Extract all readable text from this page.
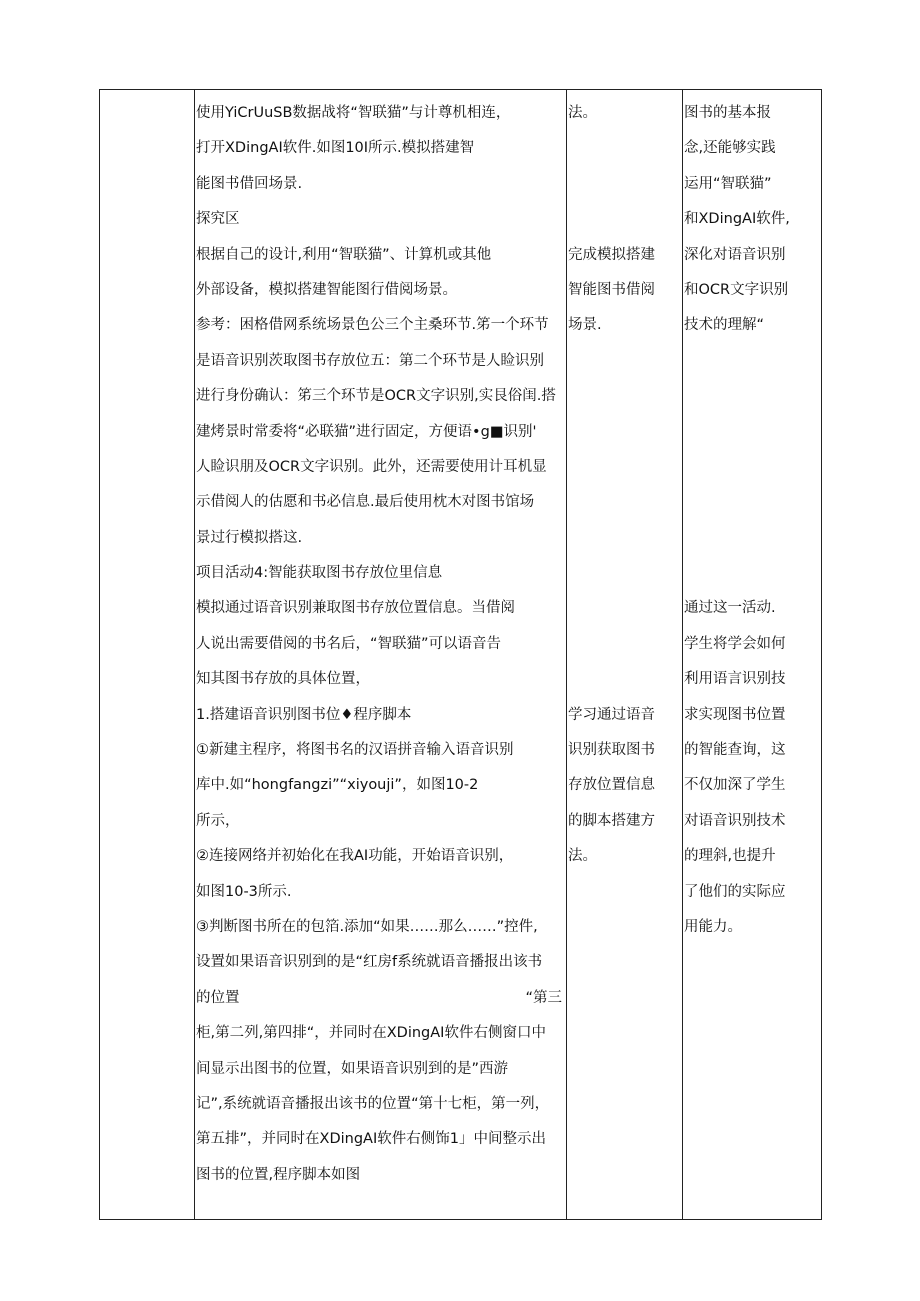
使用YiCrUuSB数据战将“智联猫”与计尊机相连，
打开XDingAI软件.如图10I所示.模拟搭建智
能图书借回场景.
探究区
根据自己的设计,利用“智联猫”、计算机或其他
外部设备，模拟搭建智能图行借阅场景。
参考：困格借网系统场景色公三个主桑环节.笫一个环节
是语音识别茨取图书存放位五：第二个环节是人睑识别
进行身份确认：笫三个环节是OCR文字识别,实艮俗闺.搭
建烤景时常委将“必联猫”进行固定，方便语•g■识别'
人睑识朋及OCR文字识别。此外，还需要使用计耳机显
示借阅人的估愿和书必信息.最后使用枕木对图书馆场
景过行模拟搭这.
项目活动4:智能获取图书存放位里信息
模拟通过语音识别兼取图书存放位置信息。当借阅
人说出需要借阅的书名后，“智联猫”可以语音告
知其图书存放的具体位置，
1.搭建语音识别图书位♦程序脚本
①新建主程序，将图书名的汉语拼音输入语音识别
库中.如“hongfangzi”“xiyouji”，如图10-2
所示，
②连接网络并初始化在我AI功能，开始语音识别，
如图10-3所示.
③判断图书所在的包箔.添加“如果……那么……”控件,
设置如果语音识别到的是“红房f系统就语音播报出该书
的位置	“第三
柜,第二列,第四排“，并同时在XDingAI软件右侧窗口中
间显示出图书的位置，如果语音识别到的是”西游
记”,系统就语音播报出该书的位置“第十七柜，第一列，
第五排”，并同时在XDingAI软件右侧饰1」中间整示出
图书的位置,程序脚本如图

法。
完成模拟搭建
智能图书借阅
场景.
学习通过语音
识别获取图书
存放位置信息
的脚本搭建方
法。

图书的基本报
念,还能够实践
运用“智联猫”
和XDingAI软件,
深化对语音识别
和OCR文字识别
技术的理解“
通过这一活动.
学生将学会如何
利用语言识别技
求实现图书位置
的智能查询，这
不仅加深了学生
对语音识别技术
的理斜,也提升
了他们的实际应
用能力。
